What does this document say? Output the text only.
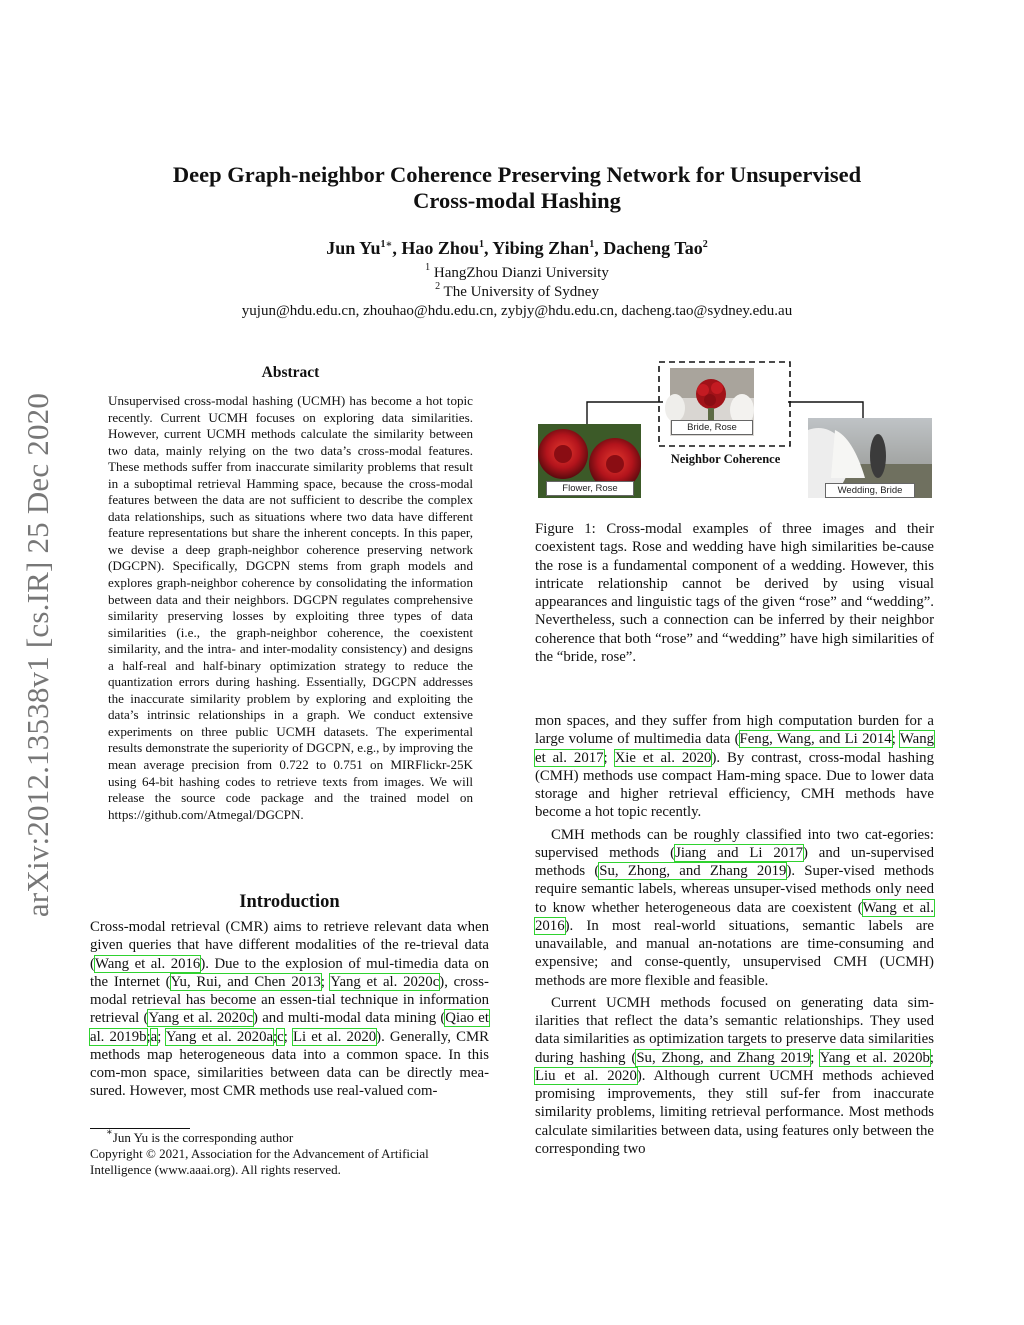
arXiv:2012.13538v1 [cs.IR] 25 Dec 2020
Deep Graph-neighbor Coherence Preserving Network for Unsupervised
Cross-modal Hashing
Jun $Yu^{1∗}$, Hao Zhou$^1$, Yibing Zhan$^1$, Dacheng Tao$^2$
$^1$ HangZhou Dianzi University
$^2$ The University of Sydney
yujun@hdu.edu.cn, zhouhao@hdu.edu.cn, zybjy@hdu.edu.cn, dacheng.tao@sydney.edu.au
Abstract
Unsupervised cross-modal hashing (UCMH) has become a hot topic recently. Current UCMH focuses on exploring data similarities. However, current UCMH methods calculate the similarity between two data, mainly relying on the two data’s cross-modal features. These methods suffer from inaccurate similarity problems that result in a suboptimal retrieval Hamming space, because the cross-modal features between the data are not sufficient to describe the complex data relationships, such as situations where two data have different feature representations but share the inherent concepts. In this paper, we devise a deep graph-neighbor coherence preserving network (DGCPN). Specifically, DGCPN stems from graph models and explores graph-neighbor coherence by consolidating the information between data and their neighbors. DGCPN regulates comprehensive similarity preserving losses by exploiting three types of data similarities (i.e., the graph-neighbor coherence, the coexistent similarity, and the intra- and inter-modality consistency) and designs a half-real and half-binary optimization strategy to reduce the quantization errors during hashing. Essentially, DGCPN addresses the inaccurate similarity problem by exploring and exploiting the data’s intrinsic relationships in a graph. We conduct extensive experiments on three public UCMH datasets. The experimental results demonstrate the superiority of DGCPN, e.g., by improving the mean average precision from 0.722 to 0.751 on MIRFlickr-25K using 64-bit hashing codes to retrieve texts from images. We will release the source code package and the trained model on https://github.com/Atmegal/DGCPN.
Introduction
Cross-modal retrieval (CMR) aims to retrieve relevant data when given queries that have different modalities of the re-trieval data (Wang et al. 2016). Due to the explosion of mul-timedia data on the Internet (Yu, Rui, and Chen 2013; Yang et al. 2020c), cross-modal retrieval has become an essen-tial technique in information retrieval (Yang et al. 2020c) and multi-modal data mining (Qiao et al. 2019b;a; Yang et al. 2020a;c; Li et al. 2020). Generally, CMR methods map heterogeneous data into a common space. In this com-mon space, similarities between data can be directly mea-sured. However, most CMR methods use real-valued com-
∗Jun Yu is the corresponding author
Copyright © 2021, Association for the Advancement of Artificial Intelligence (www.aaai.org). All rights reserved.
Bride, Rose
Flower, Rose	Wedding, Bride
Neighbor Coherence
Figure 1: Cross-modal examples of three images and their coexistent tags. Rose and wedding have high similarities be-cause the rose is a fundamental component of a wedding. However, this intricate relationship cannot be derived by using visual appearances and linguistic tags of the given “rose” and “wedding”. Nevertheless, such a connection can be inferred by their neighbor coherence that both “rose” and “wedding” have high similarities of the “bride, rose”.
mon spaces, and they suffer from high computation burden for a large volume of multimedia data (Feng, Wang, and Li 2014; Wang et al. 2017; Xie et al. 2020). By contrast, cross-modal hashing (CMH) methods use compact Ham-ming space. Due to lower data storage and higher retrieval efficiency, CMH methods have become a hot topic recently.
CMH methods can be roughly classified into two cat-egories: supervised methods (Jiang and Li 2017) and un-supervised methods (Su, Zhong, and Zhang 2019). Super-vised methods require semantic labels, whereas unsuper-vised methods only need to know whether heterogeneous data are coexistent (Wang et al. 2016). In most real-world situations, semantic labels are unavailable, and manual an-notations are time-consuming and expensive; and conse-quently, unsupervised CMH (UCMH) methods are more flexible and feasible.
Current UCMH methods focused on generating data sim-ilarities that reflect the data’s semantic relationships. They used data similarities as optimization targets to preserve data similarities during hashing (Su, Zhong, and Zhang 2019; Yang et al. 2020b; Liu et al. 2020). Although current UCMH methods achieved promising improvements, they still suf-fer from inaccurate similarity problems, limiting retrieval performance. Most methods calculate similarities between data, using features only between the corresponding two
